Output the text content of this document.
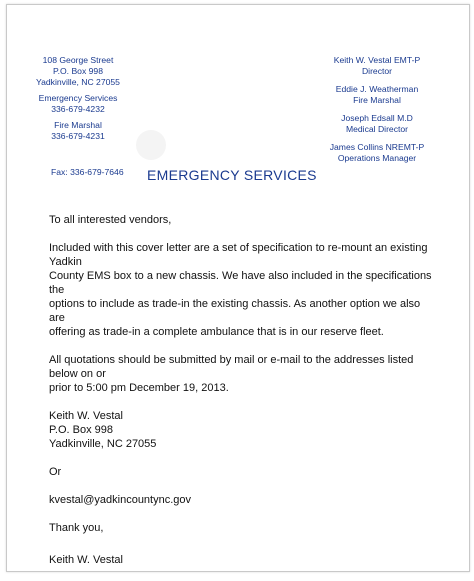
108 George Street
P.O. Box 998
Yadkinville, NC 27055
Emergency Services
336-679-4232
Fire Marshal
336-679-4231
Fax: 336-679-7646 EMERGENCY SERVICES
Keith W. Vestal EMT-P
Director
Eddie J. Weatherman
Fire Marshal
Joseph Edsall M.D
Medical Director
James Collins NREMT-P
Operations Manager

To all interested vendors,

Included with this cover letter are a set of specification to re-mount an existing Yadkin
County EMS box to a new chassis. We have also included in the specifications the
options to include as trade-in the existing chassis. As another option we also are
offering as trade-in a complete ambulance that is in our reserve fleet.

All quotations should be submitted by mail or e-mail to the addresses listed below on or
prior to 5:00 pm December 19, 2013.

Keith W. Vestal
P.O. Box 998
Yadkinville, NC 27055

Or

kvestal@yadkincountync.gov

Thank you,

Keith W. Vestal
